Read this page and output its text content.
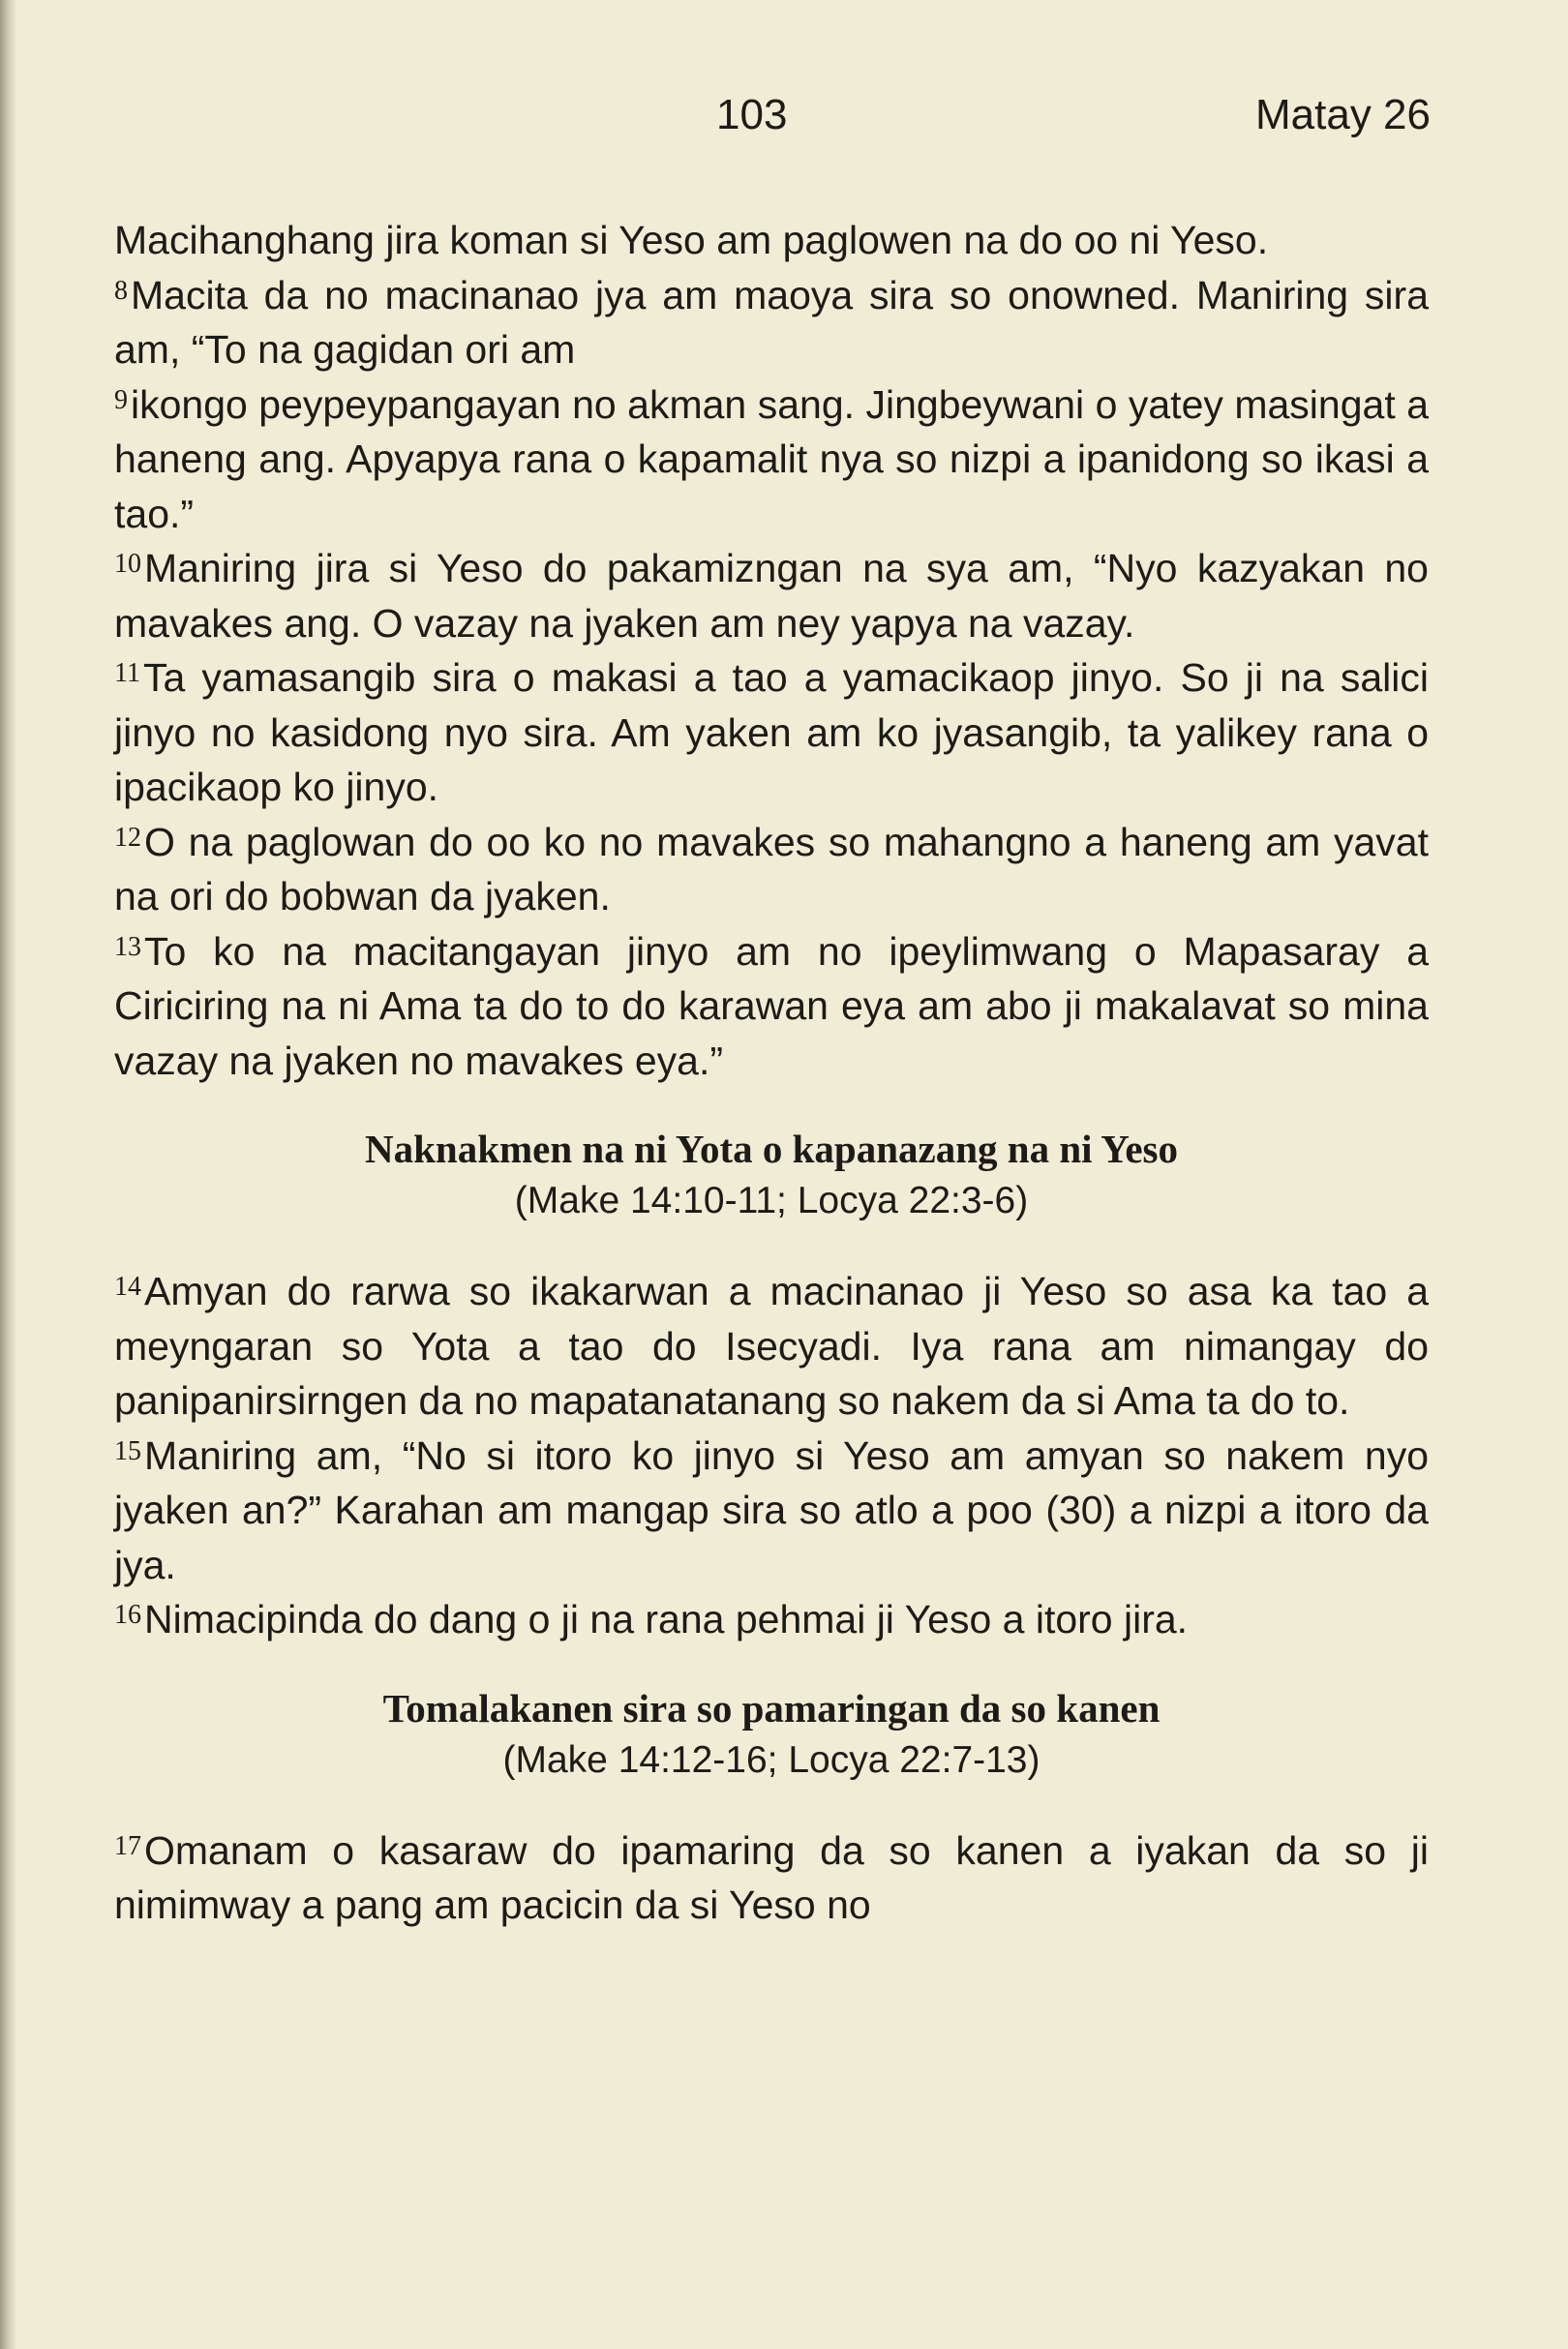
103	Matay 26

Macihanghang jira koman si Yeso am paglowen na do oo ni Yeso.

$^8$Macita da no macinanao jya am maoya sira so onowned. Maniring sira am, “To na gagidan ori am

$^9$ikongo peypeypangayan no akman sang. Jingbeywani o yatey masingat a haneng ang. Apyapya rana o kapamalit nya so nizpi a ipanidong so ikasi a tao.”

$^{10}$Maniring jira si Yeso do pakamizngan na sya am, “Nyo kazyakan no mavakes ang. O vazay na jyaken am ney yapya na vazay.

$^{11}$Ta yamasangib sira o makasi a tao a yamacikaop jinyo. So ji na salici jinyo no kasidong nyo sira. Am yaken am ko jyasangib, ta yalikey rana o ipacikaop ko jinyo.

$^{12}$O na paglowan do oo ko no mavakes so mahangno a haneng am yavat na ori do bobwan da jyaken.

$^{13}$To ko na macitangayan jinyo am no ipeylimwang o Mapasaray a Ciriciring na ni Ama ta do to do karawan eya am abo ji makalavat so mina vazay na jyaken no mavakes eya.”

Naknakmen na ni Yota o kapanazang na ni Yeso
(Make 14:10-11; Locya 22:3-6)

$^{14}$Amyan do rarwa so ikakarwan a macinanao ji Yeso so asa ka tao a meyngaran so Yota a tao do Isecyadi. Iya rana am nimangay do panipanirsirngen da no mapatanatanang so nakem da si Ama ta do to.

$^{15}$Maniring am, “No si itoro ko jinyo si Yeso am amyan so nakem nyo jyaken an?” Karahan am mangap sira so atlo a poo (30) a nizpi a itoro da jya.

$^{16}$Nimacipinda do dang o ji na rana pehmai ji Yeso a itoro jira.

Tomalakanen sira so pamaringan da so kanen
(Make 14:12-16; Locya 22:7-13)

$^{17}$Omanam o kasaraw do ipamaring da so kanen a iyakan da so ji nimimway a pang am pacicin da si Yeso no
